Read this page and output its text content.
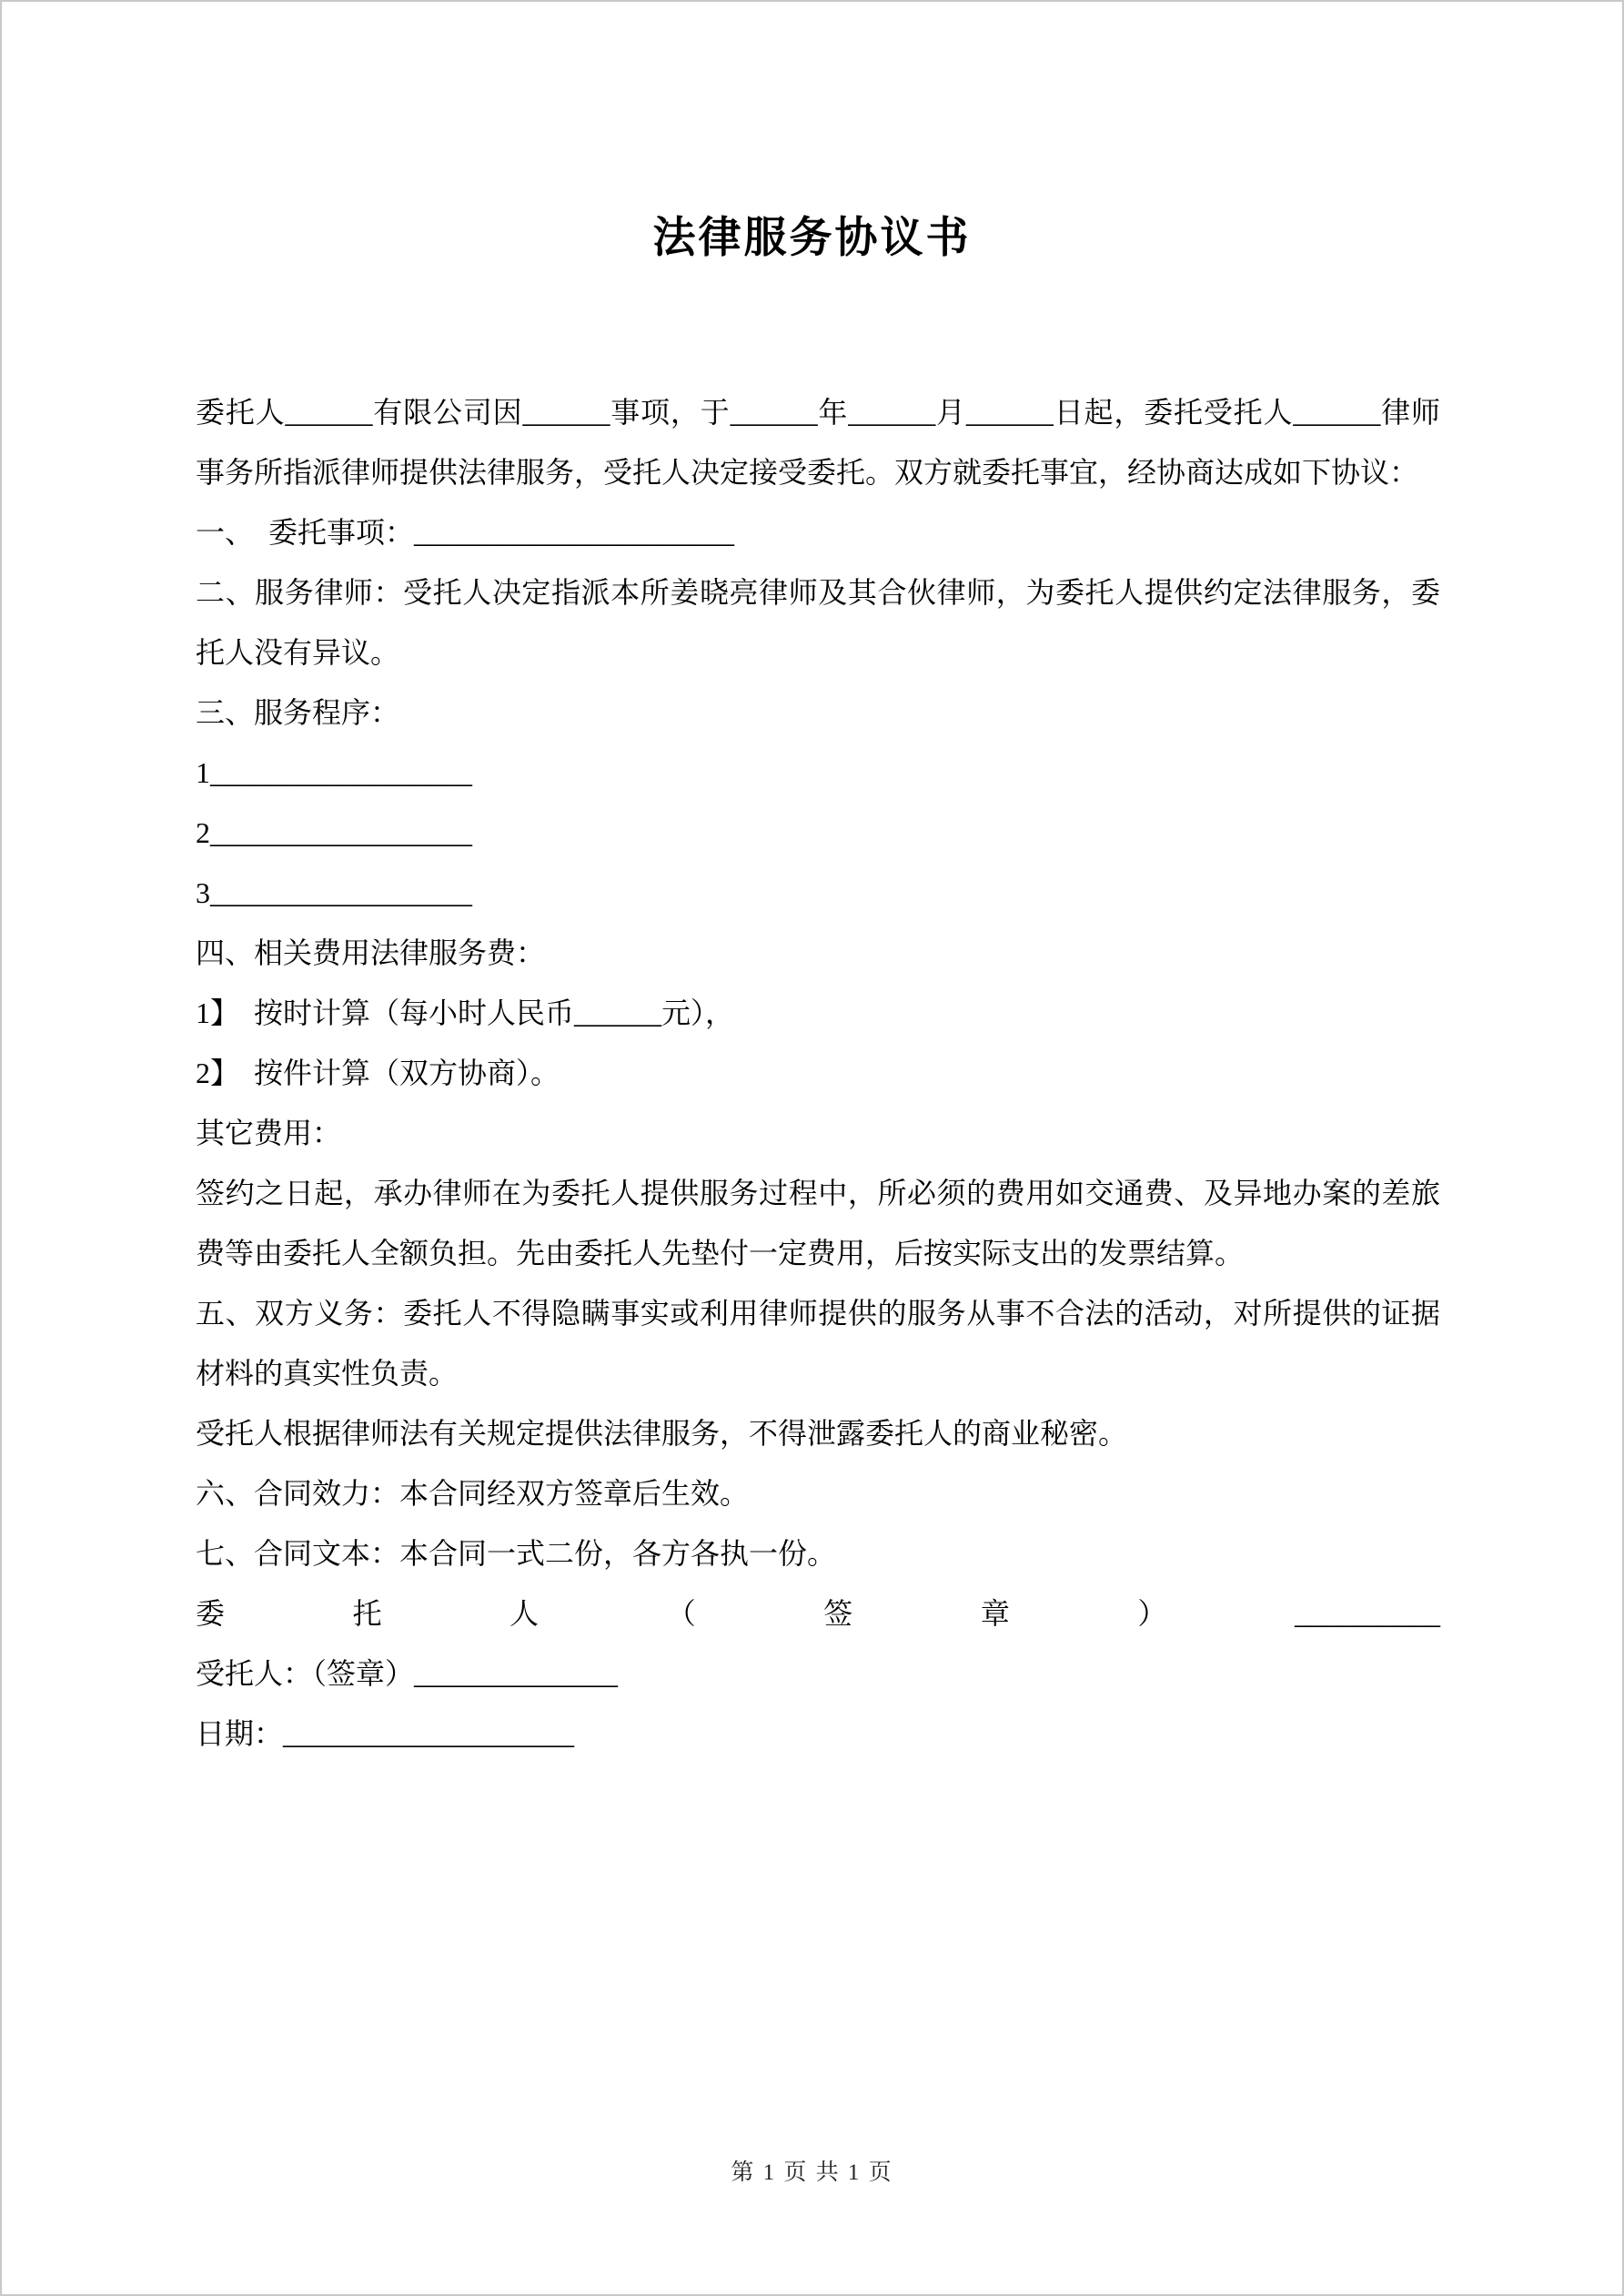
法律服务协议书

委托人______有限公司因______事项，于______年______月______日起，委托受托人______律师事务所指派律师提供法律服务，受托人决定接受委托。双方就委托事宜，经协商达成如下协议：

一、　委托事项：______________________

二、服务律师：受托人决定指派本所姜晓亮律师及其合伙律师，为委托人提供约定法律服务，委托人没有异议。

三、服务程序：

1__________________

2__________________

3__________________

四、相关费用法律服务费：

1】　按时计算（每小时人民币______元），

2】　按件计算（双方协商）。

其它费用：

签约之日起，承办律师在为委托人提供服务过程中，所必须的费用如交通费、及异地办案的差旅费等由委托人全额负担。先由委托人先垫付一定费用，后按实际支出的发票结算。

五、双方义务：委托人不得隐瞒事实或利用律师提供的服务从事不合法的活动，对所提供的证据材料的真实性负责。

受托人根据律师法有关规定提供法律服务，不得泄露委托人的商业秘密。

六、合同效力：本合同经双方签章后生效。

七、合同文本：本合同一式二份，各方各执一份。

委	托	人	（	签	章	）	__________

受托人：（签章）______________

日期：____________________

第 1 页 共 1 页
